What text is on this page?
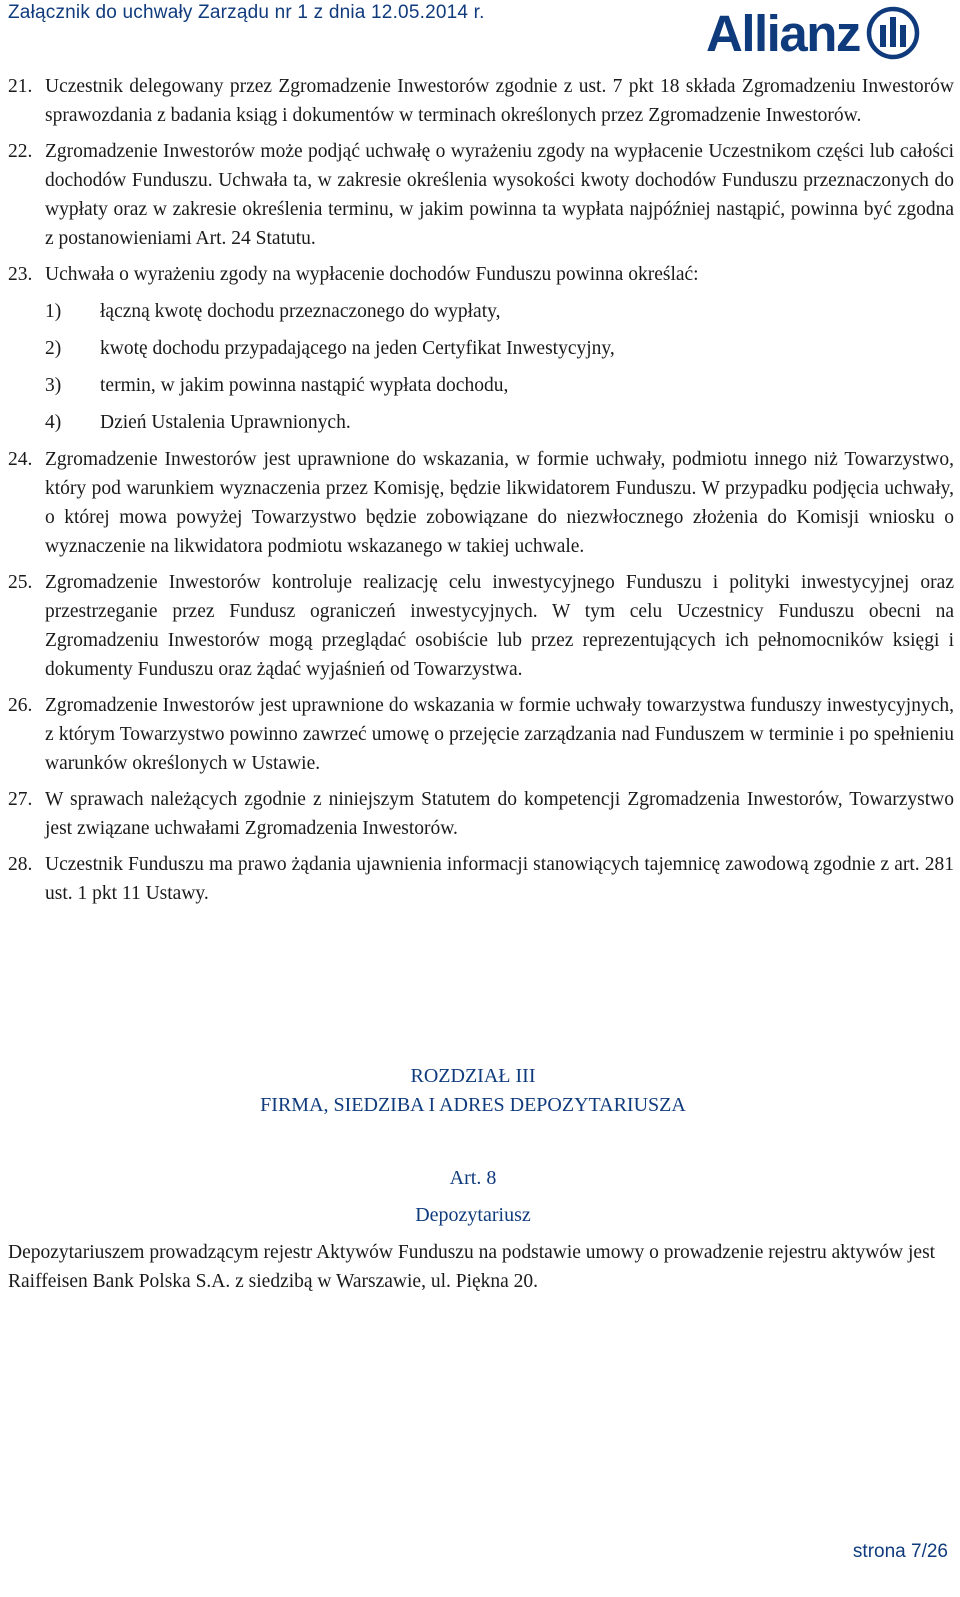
Załącznik do uchwały Zarządu nr 1 z dnia 12.05.2014 r.	Allianz
21. Uczestnik delegowany przez Zgromadzenie Inwestorów zgodnie z ust. 7 pkt 18 składa Zgromadzeniu Inwestorów sprawozdania z badania ksiąg i dokumentów w terminach określonych przez Zgromadzenie Inwestorów.
22. Zgromadzenie Inwestorów może podjąć uchwałę o wyrażeniu zgody na wypłacenie Uczestnikom części lub całości dochodów Funduszu. Uchwała ta, w zakresie określenia wysokości kwoty dochodów Funduszu przeznaczonych do wypłaty oraz w zakresie określenia terminu, w jakim powinna ta wypłata najpóźniej nastąpić, powinna być zgodna z postanowieniami Art. 24 Statutu.
23. Uchwała o wyrażeniu zgody na wypłacenie dochodów Funduszu powinna określać:
1)	łączną kwotę dochodu przeznaczonego do wypłaty,
2)	kwotę dochodu przypadającego na jeden Certyfikat Inwestycyjny,
3)	termin, w jakim powinna nastąpić wypłata dochodu,
4)	Dzień Ustalenia Uprawnionych.
24. Zgromadzenie Inwestorów jest uprawnione do wskazania, w formie uchwały, podmiotu innego niż Towarzystwo, który pod warunkiem wyznaczenia przez Komisję, będzie likwidatorem Funduszu. W przypadku podjęcia uchwały, o której mowa powyżej Towarzystwo będzie zobowiązane do niezwłocznego złożenia do Komisji wniosku o wyznaczenie na likwidatora podmiotu wskazanego w takiej uchwale.
25. Zgromadzenie Inwestorów kontroluje realizację celu inwestycyjnego Funduszu i polityki inwestycyjnej oraz przestrzeganie przez Fundusz ograniczeń inwestycyjnych. W tym celu Uczestnicy Funduszu obecni na Zgromadzeniu Inwestorów mogą przeglądać osobiście lub przez reprezentujących ich pełnomocników księgi i dokumenty Funduszu oraz żądać wyjaśnień od Towarzystwa.
26. Zgromadzenie Inwestorów jest uprawnione do wskazania w formie uchwały towarzystwa funduszy inwestycyjnych, z którym Towarzystwo powinno zawrzeć umowę o przejęcie zarządzania nad Funduszem w terminie i po spełnieniu warunków określonych w Ustawie.
27. W sprawach należących zgodnie z niniejszym Statutem do kompetencji Zgromadzenia Inwestorów, Towarzystwo jest związane uchwałami Zgromadzenia Inwestorów.
28. Uczestnik Funduszu ma prawo żądania ujawnienia informacji stanowiących tajemnicę zawodową zgodnie z art. 281 ust. 1 pkt 11 Ustawy.
ROZDZIAŁ III
FIRMA, SIEDZIBA I ADRES DEPOZYTARIUSZA
Art. 8
Depozytariusz
Depozytariuszem prowadzącym rejestr Aktywów Funduszu na podstawie umowy o prowadzenie rejestru aktywów jest Raiffeisen Bank Polska S.A. z siedzibą w Warszawie, ul. Piękna 20.
strona 7/26
